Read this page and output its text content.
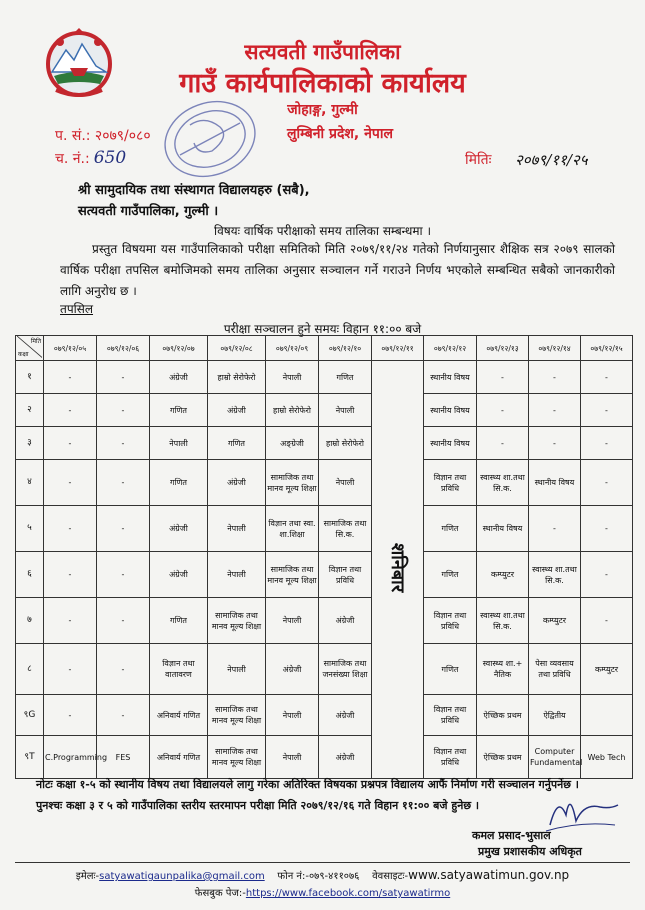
सत्यवती गाउँपालिका
गाउँ कार्यपालिकाको कार्यालय
जोहाङ्ग, गुल्मी
लुम्बिनी प्रदेश, नेपाल
प. सं.: २०७९/०८०
च. नं.: 650	मितिः २०७९/११/२५
श्री सामुदायिक तथा संस्थागत विद्यालयहरु (सबै),
सत्यवती गाउँपालिका, गुल्मी ।
विषयः वार्षिक परीक्षाको समय तालिका सम्बन्धमा ।
प्रस्तुत विषयमा यस गाउँपालिकाको परीक्षा समितिको मिति २०७९/११/२४ गतेको निर्णयानुसार शैक्षिक सत्र २०७९ सालको वार्षिक परीक्षा तपसिल बमोजिमको समय तालिका अनुसार सञ्चालन गर्ने गराउने निर्णय भएकोले सम्बन्धित सबैको जानकारीको लागि अनुरोध छ ।
तपसिल
परीक्षा सञ्चालन हुने समयः विहान ११:०० बजे
मिति
कक्षा	०७९/१२/०५	०७९/१२/०६	०७९/१२/०७	०७९/१२/०८	०७९/१२/०९	०७९/१२/१०	०७९/१२/११	०७९/१२/१२	०७९/१२/१३	०७९/१२/१४	०७९/१२/१५
१	-	-	अंग्रेजी	हाम्रो सेरोफेरो	नेपाली	गणित	शनिबार	स्थानीय विषय	-	-	-
२	-	-	गणित	अंग्रेजी	हाम्रो सेरोफेरो	नेपाली		स्थानीय विषय	-	-	-
३	-	-	नेपाली	गणित	अङ्ग्रेजी	हाम्रो सेरोफेरो		स्थानीय विषय	-	-	-
४	-	-	गणित	अंग्रेजी	सामाजिक तथा मानव मूल्य शिक्षा	नेपाली		विज्ञान तथा प्रविधि	स्वास्थ्य शा.तथा सि.क.	स्थानीय विषय	-
५	-	-	अंग्रेजी	नेपाली	विज्ञान तथा स्वा. शा.शिक्षा	सामाजिक तथा सि.क.		गणित	स्थानीय विषय	-	-
६	-	-	अंग्रेजी	नेपाली	सामाजिक तथा मानव मूल्य शिक्षा	विज्ञान तथा प्रविधि		गणित	कम्प्युटर	स्वास्थ्य शा.तथा सि.क.	-
७	-	-	गणित	सामाजिक तथा मानव मूल्य शिक्षा	नेपाली	अंग्रेजी		विज्ञान तथा प्रविधि	स्वास्थ्य शा.तथा सि.क.	कम्प्युटर	-
८	-	-	विज्ञान तथा वातावरण	नेपाली	अंग्रेजी	सामाजिक तथा जनसंख्या शिक्षा		गणित	स्वास्थ्य शा.+ नैतिक	पेसा व्यवसाय तथा प्रविधि	कम्प्युटर
९G	-	-	अनिवार्य गणित	सामाजिक तथा मानव मूल्य शिक्षा	नेपाली	अंग्रेजी		विज्ञान तथा प्रविधि	ऐच्छिक प्रथम	ऐद्वितीय	
९T	C.Programming	FES	अनिवार्य गणित	सामाजिक तथा मानव मूल्य शिक्षा	नेपाली	अंग्रेजी		विज्ञान तथा प्रविधि	ऐच्छिक प्रथम	Computer Fundamental	Web Tech
नोटः कक्षा १-५ को स्थानीय विषय तथा विद्यालयले लागु गरेका अतिरिक्त विषयका प्रश्नपत्र विद्यालय आफैं निर्माण गरी सञ्चालन गर्नुपर्नेछ ।
पुनश्चः कक्षा ३ र ५ को गाउँपालिका स्तरीय स्तरमापन परीक्षा मिति २०७९/१२/१६ गते विहान ११:०० बजे हुनेछ ।
कमल प्रसाद-भुसाल
प्रमुख प्रशासकीय अधिकृत
इमेलः-satyawatigaunpalika@gmail.com फोन नं:-०७९-४११०७६ वेवसाइटः-www.satyawatimun.gov.np
फेसबुक पेज:-https://www.facebook.com/satyawatirmo
